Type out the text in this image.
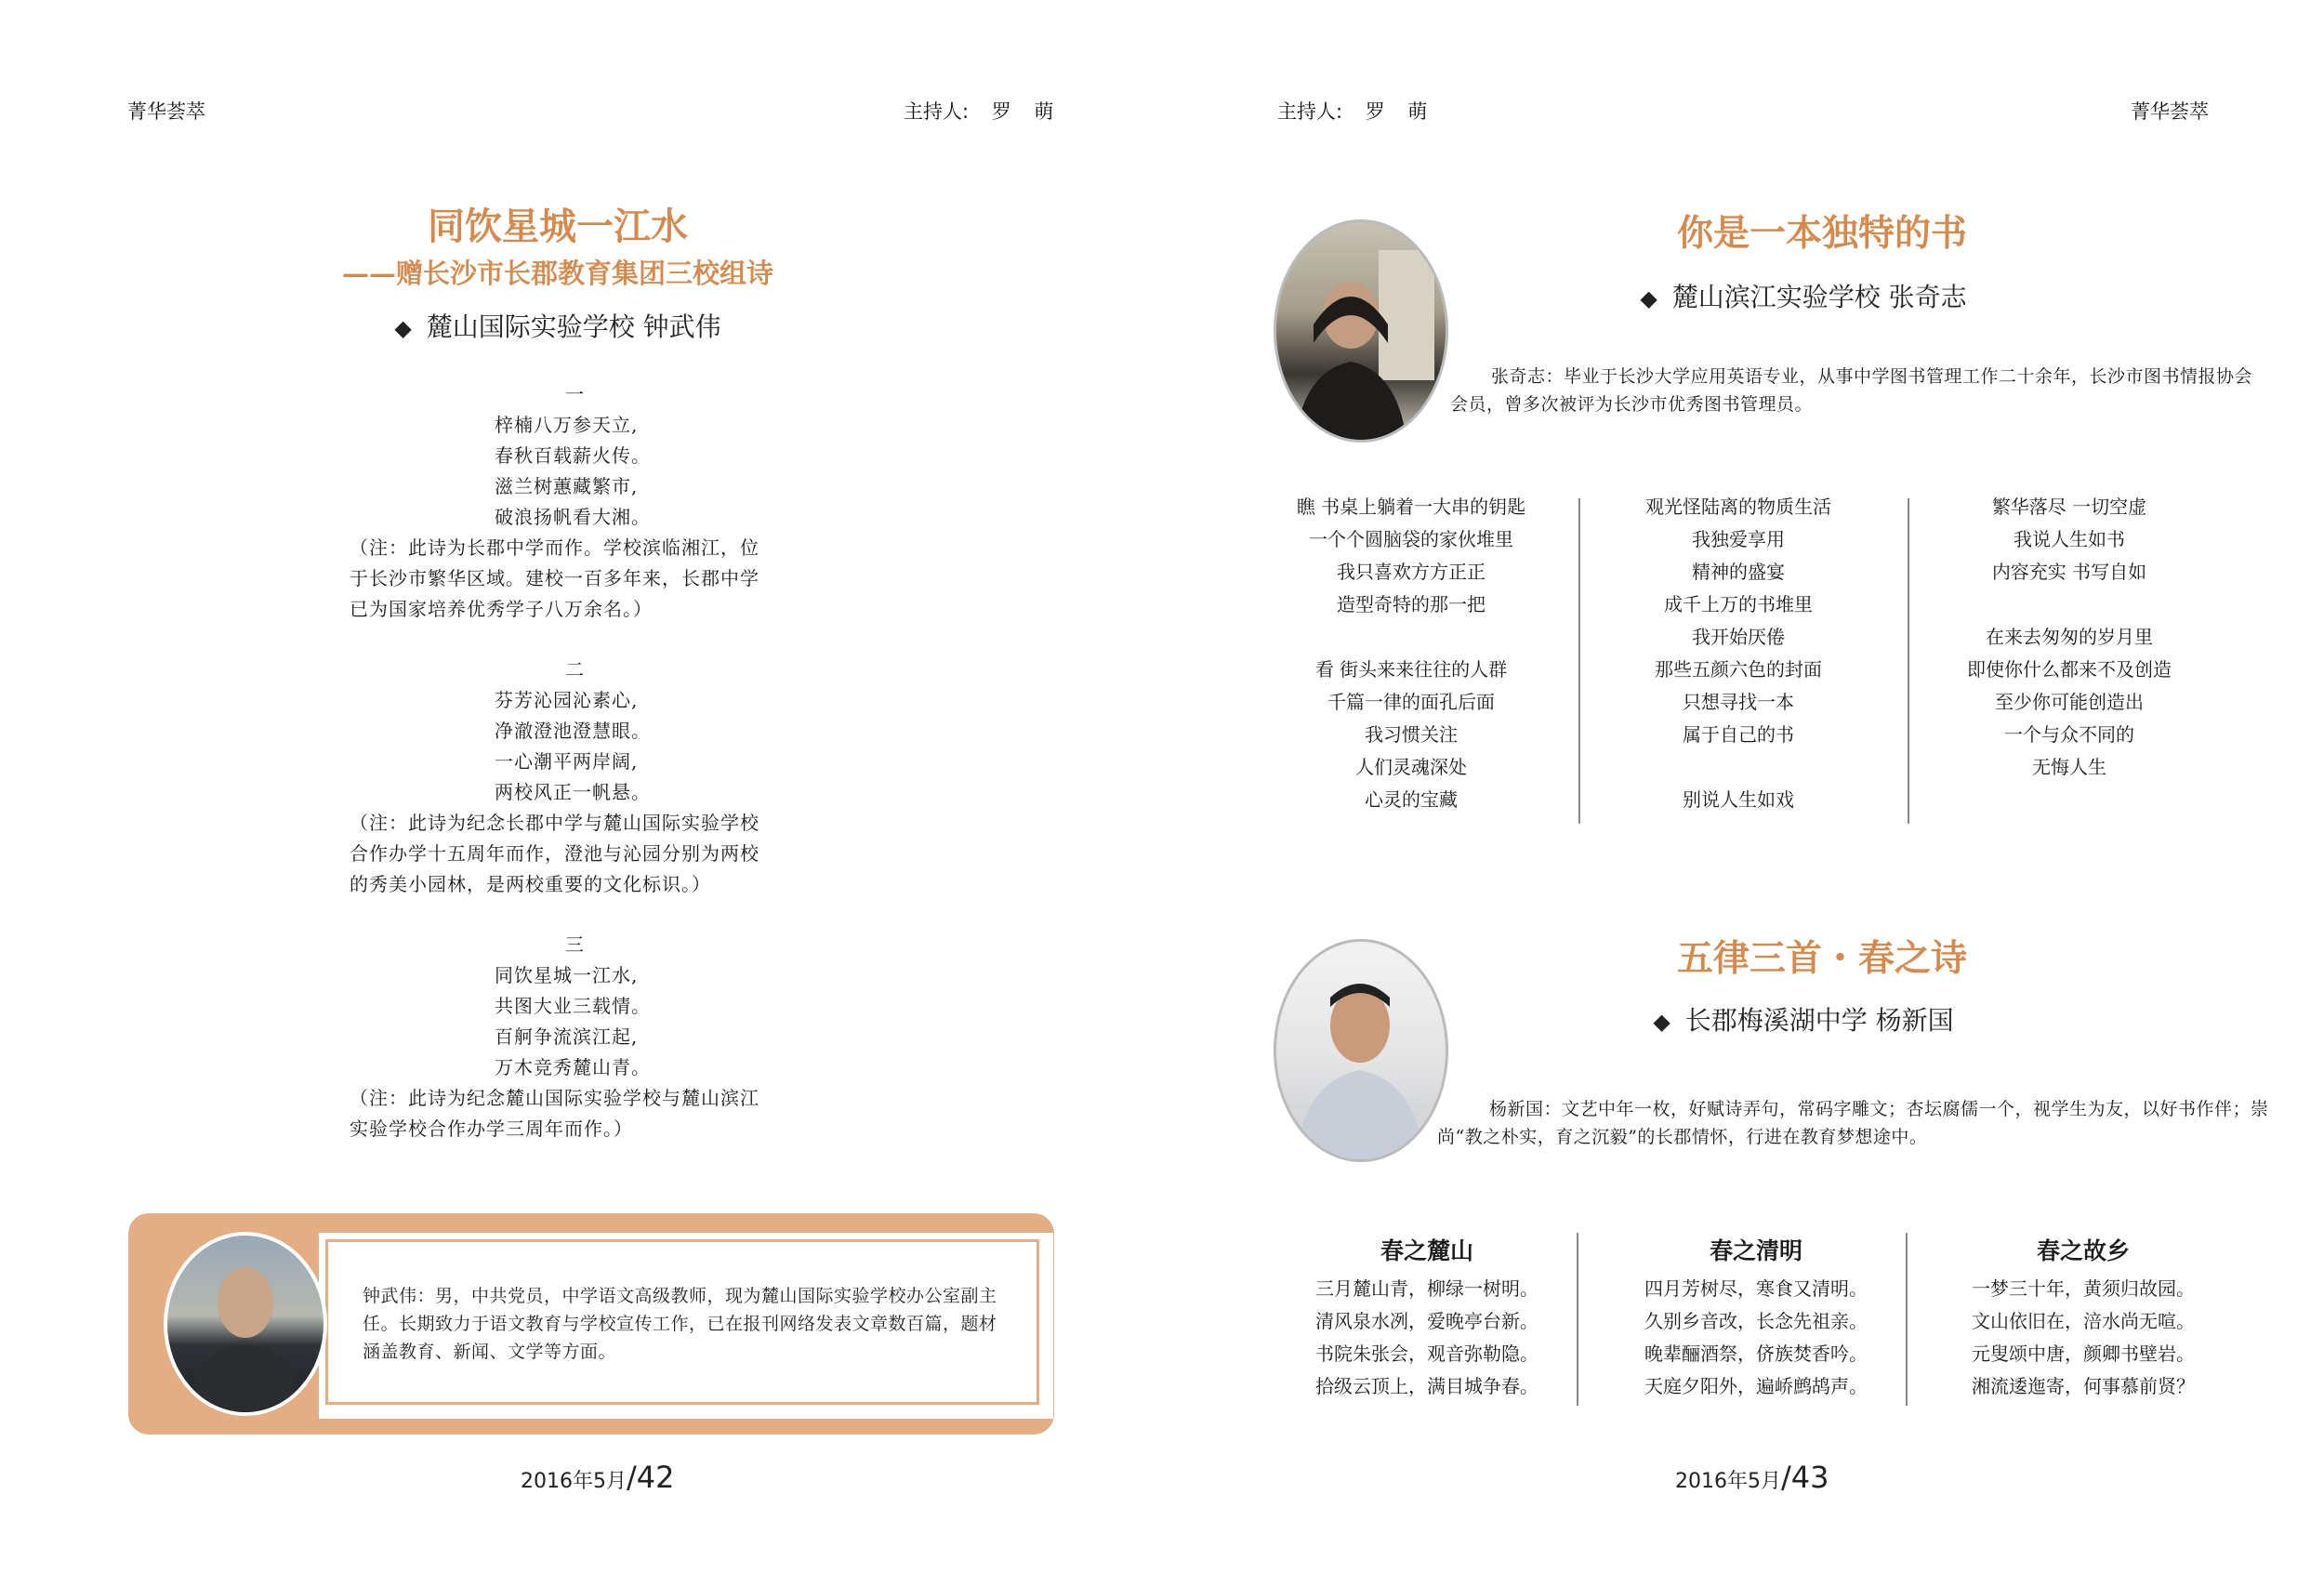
菁华荟萃	主持人: 罗 萌
同饮星城一江水
——赠长沙市长郡教育集团三校组诗
◆ 麓山国际实验学校 钟武伟
一
梓楠八万参天立,
春秋百载薪火传。
滋兰树蕙藏繁市,
破浪扬帆看大湘。
（注：此诗为长郡中学而作。学校滨临湘江，位
于长沙市繁华区域。建校一百多年来，长郡中学
已为国家培养优秀学子八万余名。）
二
芬芳沁园沁素心,
净澈澄池澄慧眼。
一心潮平两岸阔,
两校风正一帆悬。
（注：此诗为纪念长郡中学与麓山国际实验学校
合作办学十五周年而作，澄池与沁园分别为两校
的秀美小园林，是两校重要的文化标识。）
三
同饮星城一江水,
共图大业三载情。
百舸争流滨江起,
万木竞秀麓山青。
（注：此诗为纪念麓山国际实验学校与麓山滨江
实验学校合作办学三周年而作。）
钟武伟：男，中共党员，中学语文高级教师，现为麓山国际实验学校办公室副主任。长期致力于语文教育与学校宣传工作，已在报刊网络发表文章数百篇，题材涵盖教育、新闻、文学等方面。
2016年5月/42
主持人: 罗 萌	菁华荟萃
你是一本独特的书
◆ 麓山滨江实验学校 张奇志
张奇志：毕业于长沙大学应用英语专业，从事中学图书管理工作二十余年，长沙市图书情报协会会员，曾多次被评为长沙市优秀图书管理员。
瞧 书桌上躺着一大串的钥匙
一个个圆脑袋的家伙堆里
我只喜欢方方正正
造型奇特的那一把
看 街头来来往往的人群
千篇一律的面孔后面
我习惯关注
人们灵魂深处
心灵的宝藏
观光怪陆离的物质生活
我独爱享用
精神的盛宴
成千上万的书堆里
我开始厌倦
那些五颜六色的封面
只想寻找一本
属于自己的书
别说人生如戏
繁华落尽 一切空虚
我说人生如书
内容充实 书写自如
在来去匆匆的岁月里
即使你什么都来不及创造
至少你可能创造出
一个与众不同的
无悔人生
五律三首・春之诗
◆ 长郡梅溪湖中学 杨新国
杨新国：文艺中年一枚，好赋诗弄句，常码字雕文；杏坛腐儒一个，视学生为友，以好书作伴；崇尚“教之朴实，育之沉毅”的长郡情怀，行进在教育梦想途中。
春之麓山
三月麓山青，柳绿一树明。
清风泉水冽，爱晚亭台新。
书院朱张会，观音弥勒隐。
拾级云顶上，满目城争春。
春之清明
四月芳树尽，寒食又清明。
久别乡音改，长念先祖亲。
晚辈酾酒祭，侪族焚香吟。
天庭夕阳外，遍峤鹧鸪声。
春之故乡
一梦三十年，黄须归故园。
文山依旧在，涪水尚无喧。
元叟颂中唐，颜卿书壁岩。
湘流逶迤寄，何事慕前贤？
2016年5月/43
